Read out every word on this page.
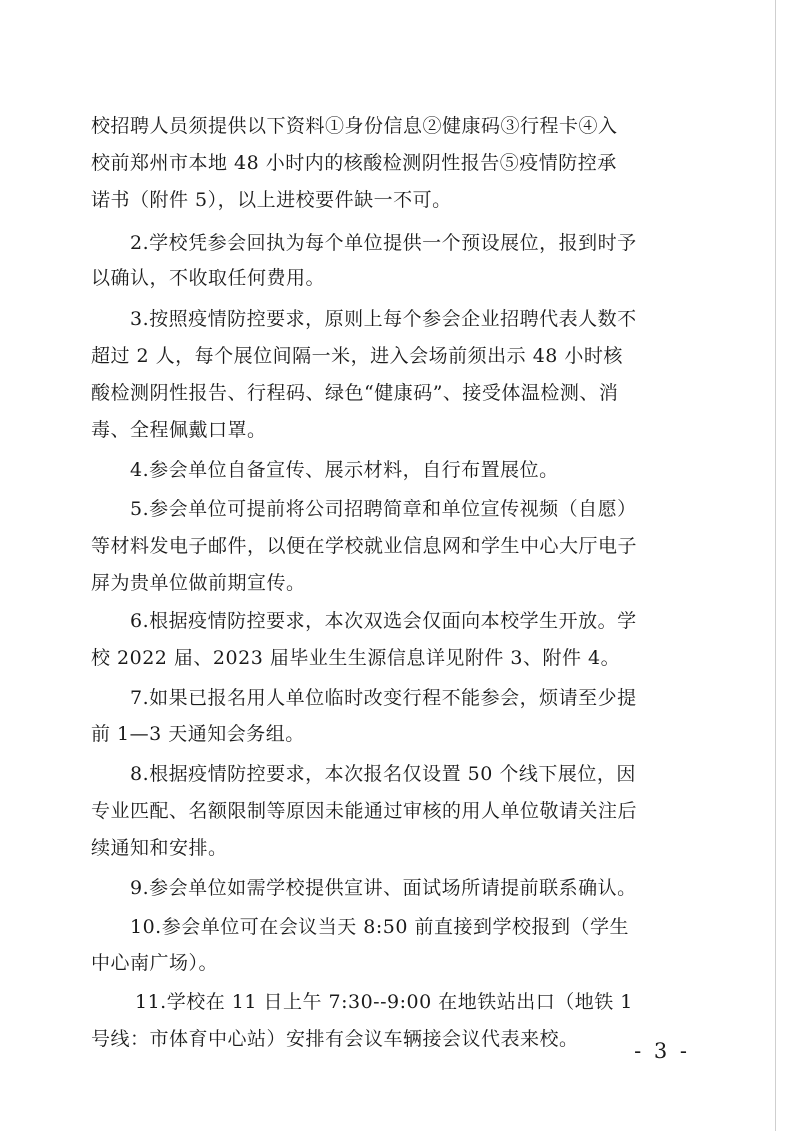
校招聘人员须提供以下资料①身份信息②健康码③行程卡④入
校前郑州市本地 48 小时内的核酸检测阴性报告⑤疫情防控承
诺书（附件 5），以上进校要件缺一不可。
2.学校凭参会回执为每个单位提供一个预设展位，报到时予
以确认，不收取任何费用。
3.按照疫情防控要求，原则上每个参会企业招聘代表人数不
超过 2 人，每个展位间隔一米，进入会场前须出示 48 小时核
酸检测阴性报告、行程码、绿色“健康码”、接受体温检测、消
毒、全程佩戴口罩。
4.参会单位自备宣传、展示材料，自行布置展位。
5.参会单位可提前将公司招聘简章和单位宣传视频（自愿）
等材料发电子邮件，以便在学校就业信息网和学生中心大厅电子
屏为贵单位做前期宣传。
6.根据疫情防控要求，本次双选会仅面向本校学生开放。学
校 2022 届、2023 届毕业生生源信息详见附件 3、附件 4。
7.如果已报名用人单位临时改变行程不能参会，烦请至少提
前 1—3 天通知会务组。
8.根据疫情防控要求，本次报名仅设置 50 个线下展位，因
专业匹配、名额限制等原因未能通过审核的用人单位敬请关注后
续通知和安排。
9.参会单位如需学校提供宣讲、面试场所请提前联系确认。
10.参会单位可在会议当天 8:50 前直接到学校报到（学生
中心南广场）。
11.学校在 11 日上午 7:30--9:00 在地铁站出口（地铁 1
号线：市体育中心站）安排有会议车辆接会议代表来校。	- 3 -
